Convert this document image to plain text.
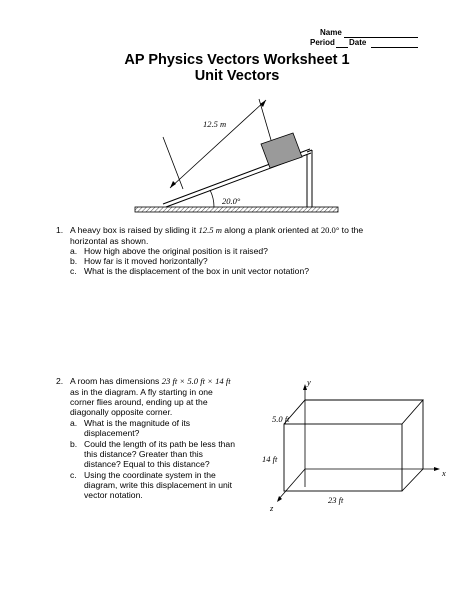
Name
Period Date
AP Physics Vectors Worksheet 1
Unit Vectors
12.5 m
20.0°
1. A heavy box is raised by sliding it 12.5 m along a plank oriented at 20.0° to the
horizontal as shown.
a. How high above the original position is it raised?
b. How far is it moved horizontally?
c. What is the displacement of the box in unit vector notation?
2. A room has dimensions 23 ft × 5.0 ft × 14 ft
as in the diagram. A fly starting in one
corner flies around, ending up at the
diagonally opposite corner.
a. What is the magnitude of its
displacement?
b. Could the length of its path be less than
this distance? Greater than this
distance? Equal to this distance?
c. Using the coordinate system in the
diagram, write this displacement in unit
vector notation.
y
x
z
5.0 ft
14 ft
23 ft
